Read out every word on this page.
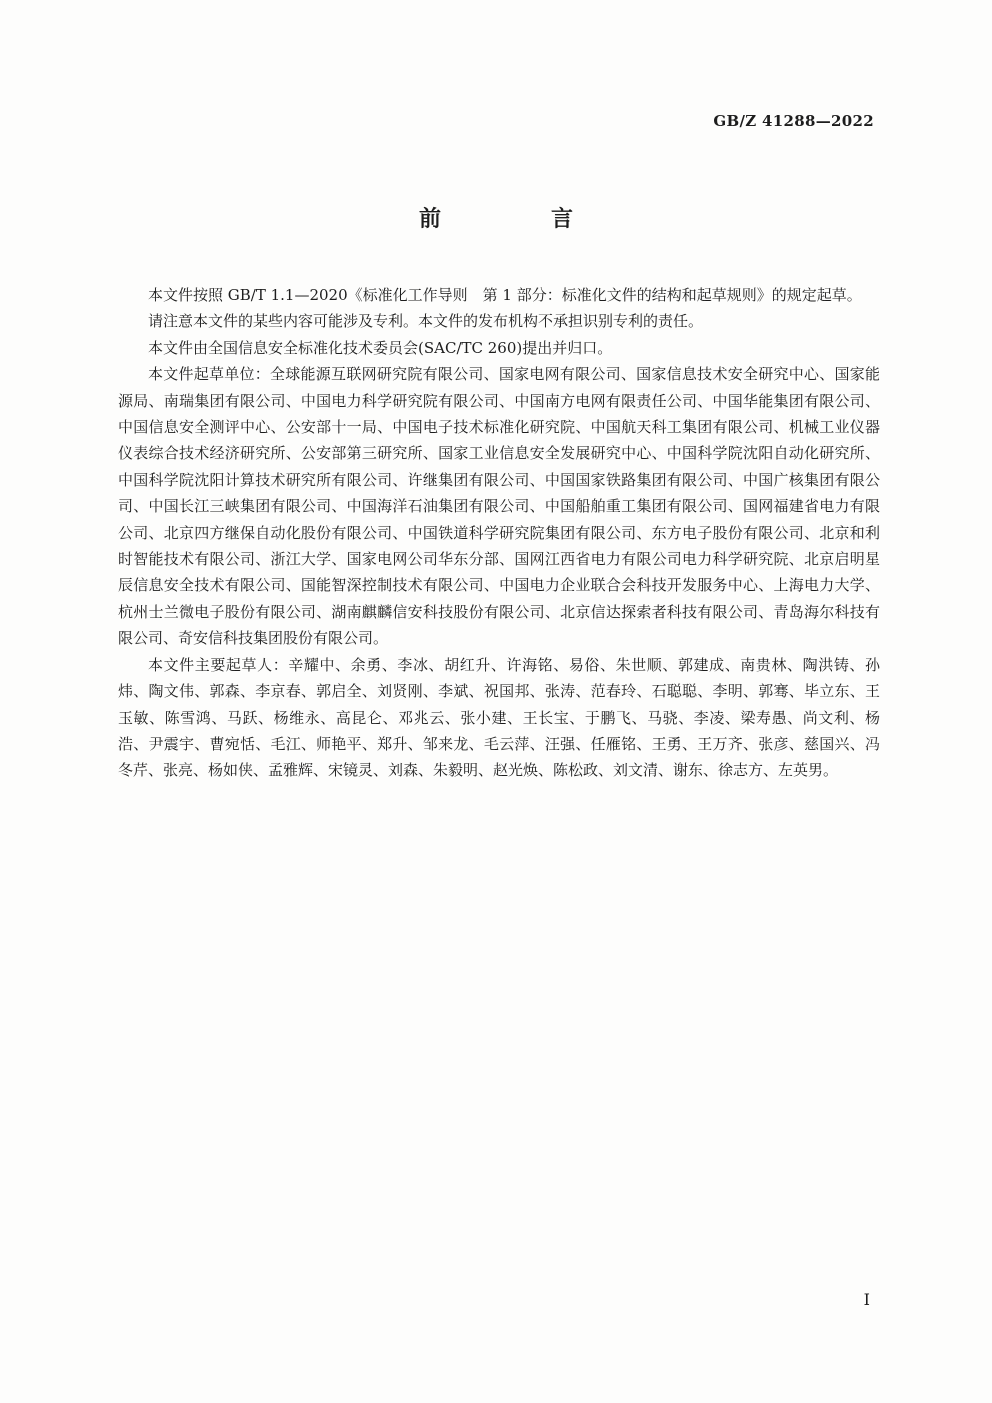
GB/Z 41288—2022
前　言

本文件按照 GB/T 1.1—2020《标准化工作导则　第 1 部分：标准化文件的结构和起草规则》的规定起草。

请注意本文件的某些内容可能涉及专利。本文件的发布机构不承担识别专利的责任。

本文件由全国信息安全标准化技术委员会(SAC/TC 260)提出并归口。

本文件起草单位：全球能源互联网研究院有限公司、国家电网有限公司、国家信息技术安全研究中心、国家能源局、南瑞集团有限公司、中国电力科学研究院有限公司、中国南方电网有限责任公司、中国华能集团有限公司、中国信息安全测评中心、公安部十一局、中国电子技术标准化研究院、中国航天科工集团有限公司、机械工业仪器仪表综合技术经济研究所、公安部第三研究所、国家工业信息安全发展研究中心、中国科学院沈阳自动化研究所、中国科学院沈阳计算技术研究所有限公司、许继集团有限公司、中国国家铁路集团有限公司、中国广核集团有限公司、中国长江三峡集团有限公司、中国海洋石油集团有限公司、中国船舶重工集团有限公司、国网福建省电力有限公司、北京四方继保自动化股份有限公司、中国铁道科学研究院集团有限公司、东方电子股份有限公司、北京和利时智能技术有限公司、浙江大学、国家电网公司华东分部、国网江西省电力有限公司电力科学研究院、北京启明星辰信息安全技术有限公司、国能智深控制技术有限公司、中国电力企业联合会科技开发服务中心、上海电力大学、杭州士兰微电子股份有限公司、湖南麒麟信安科技股份有限公司、北京信达探索者科技有限公司、青岛海尔科技有限公司、奇安信科技集团股份有限公司。

本文件主要起草人：辛耀中、余勇、李冰、胡红升、许海铭、易俗、朱世顺、郭建成、南贵林、陶洪铸、孙炜、陶文伟、郭森、李京春、郭启全、刘贤刚、李斌、祝国邦、张涛、范春玲、石聪聪、李明、郭骞、毕立东、王玉敏、陈雪鸿、马跃、杨维永、高昆仑、邓兆云、张小建、王长宝、于鹏飞、马骁、李凌、梁寿愚、尚文利、杨浩、尹震宇、曹宛恬、毛江、师艳平、郑升、邹来龙、毛云萍、汪强、任雁铭、王勇、王万齐、张彦、慈国兴、冯冬芹、张亮、杨如侠、孟雅辉、宋镜灵、刘森、朱毅明、赵光焕、陈松政、刘文清、谢东、徐志方、左英男。

I
